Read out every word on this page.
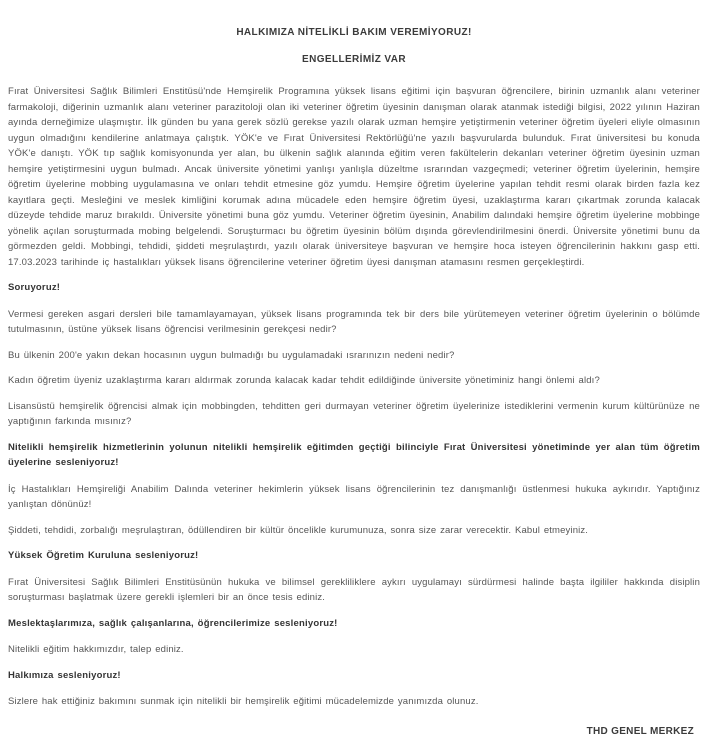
HALKIMIZA NİTELİKLİ BAKIM VEREMİYORUZ!
ENGELLERİMİZ VAR

Fırat Üniversitesi Sağlık Bilimleri Enstitüsü'nde Hemşirelik Programına yüksek lisans eğitimi için başvuran öğrencilere, birinin uzmanlık alanı veteriner farmakoloji, diğerinin uzmanlık alanı veteriner parazitoloji olan iki veteriner öğretim üyesinin danışman olarak atanmak istediği bilgisi, 2022 yılının Haziran ayında derneğimize ulaşmıştır. İlk günden bu yana gerek sözlü gerekse yazılı olarak uzman hemşire yetiştirmenin veteriner öğretim üyeleri eliyle olmasının uygun olmadığını kendilerine anlatmaya çalıştık. YÖK'e ve Fırat Üniversitesi Rektörlüğü'ne yazılı başvurularda bulunduk. Fırat üniversitesi bu konuda YÖK'e danıştı. YÖK tıp sağlık komisyonunda yer alan, bu ülkenin sağlık alanında eğitim veren fakültelerin dekanları veteriner öğretim üyesinin uzman hemşire yetiştirmesini uygun bulmadı. Ancak üniversite yönetimi yanlışı yanlışla düzeltme ısrarından vazgeçmedi; veteriner öğretim üyelerinin, hemşire öğretim üyelerine mobbing uygulamasına ve onları tehdit etmesine göz yumdu. Hemşire öğretim üyelerine yapılan tehdit resmi olarak birden fazla kez kayıtlara geçti. Mesleğini ve meslek kimliğini korumak adına mücadele eden hemşire öğretim üyesi, uzaklaştırma kararı çıkartmak zorunda kalacak düzeyde tehdide maruz bırakıldı. Üniversite yönetimi buna göz yumdu. Veteriner öğretim üyesinin, Anabilim dalındaki hemşire öğretim üyelerine mobbinge yönelik açılan soruşturmada mobing belgelendi. Soruşturmacı bu öğretim üyesinin bölüm dışında görevlendirilmesini önerdi. Üniversite yönetimi bunu da görmezden geldi. Mobbingi, tehdidi, şiddeti meşrulaştırdı, yazılı olarak üniversiteye başvuran ve hemşire hoca isteyen öğrencilerinin hakkını gasp etti. 17.03.2023 tarihinde iç hastalıkları yüksek lisans öğrencilerine veteriner öğretim üyesi danışman atamasını resmen gerçekleştirdi.

Soruyoruz!

Vermesi gereken asgari dersleri bile tamamlayamayan, yüksek lisans programında tek bir ders bile yürütemeyen veteriner öğretim üyelerinin o bölümde tutulmasının, üstüne yüksek lisans öğrencisi verilmesinin gerekçesi nedir?

Bu ülkenin 200'e yakın dekan hocasının uygun bulmadığı bu uygulamadaki ısrarınızın nedeni nedir?

Kadın öğretim üyeniz uzaklaştırma kararı aldırmak zorunda kalacak kadar tehdit edildiğinde üniversite yönetiminiz hangi önlemi aldı?

Lisansüstü hemşirelik öğrencisi almak için mobbingden, tehditten geri durmayan veteriner öğretim üyelerinize istediklerini vermenin kurum kültürünüze ne yaptığının farkında mısınız?

Nitelikli hemşirelik hizmetlerinin yolunun nitelikli hemşirelik eğitimden geçtiği bilinciyle Fırat Üniversitesi yönetiminde yer alan tüm öğretim üyelerine sesleniyoruz!

İç Hastalıkları Hemşireliği Anabilim Dalında veteriner hekimlerin yüksek lisans öğrencilerinin tez danışmanlığı üstlenmesi hukuka aykırıdır. Yaptığınız yanlıştan dönünüz!

Şiddeti, tehdidi, zorbalığı meşrulaştıran, ödüllendiren bir kültür öncelikle kurumunuza, sonra size zarar verecektir. Kabul etmeyiniz.

Yüksek Öğretim Kuruluna sesleniyoruz!

Fırat Üniversitesi Sağlık Bilimleri Enstitüsünün hukuka ve bilimsel gerekliliklere aykırı uygulamayı sürdürmesi halinde başta ilgililer hakkında disiplin soruşturması başlatmak üzere gerekli işlemleri bir an önce tesis ediniz.

Meslektaşlarımıza, sağlık çalışanlarına, öğrencilerimize sesleniyoruz!

Nitelikli eğitim hakkımızdır, talep ediniz.

Halkımıza sesleniyoruz!

Sizlere hak ettiğiniz bakımını sunmak için nitelikli bir hemşirelik eğitimi mücadelemizde yanımızda olunuz.

THD GENEL MERKEZ
